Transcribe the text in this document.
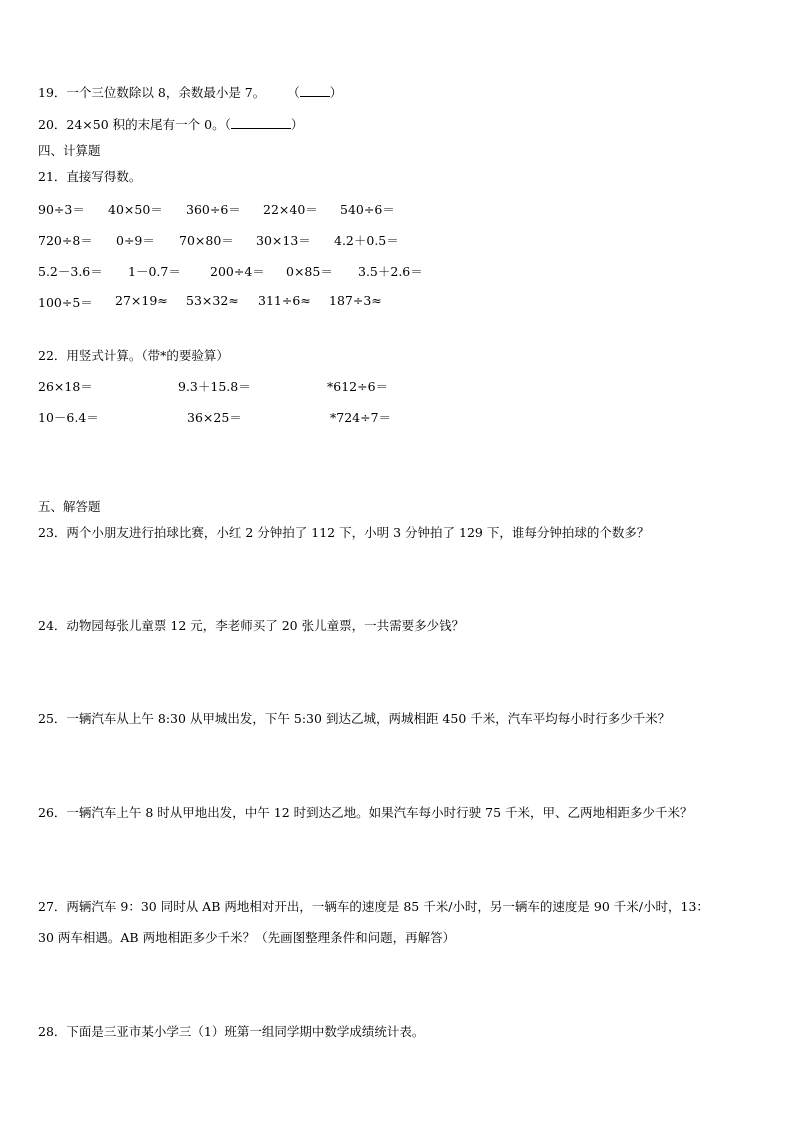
19．一个三位数除以 8，余数最小是 7。 （ ）
20．24×50 积的末尾有一个 0。（	）
四、计算题
21．直接写得数。
90÷3＝ 40×50＝ 360÷6＝ 22×40＝ 540÷6＝
720÷8＝ 0÷9＝ 70×80＝ 30×13＝ 4.2＋0.5＝
5.2－3.6＝ 1－0.7＝ 200÷4＝ 0×85＝ 3.5＋2.6＝
100÷5＝ 27×19≈ 53×32≈ 311÷6≈ 187÷3≈
22．用竖式计算。（带*的要验算）
26×18＝	9.3＋15.8＝	*612÷6＝
10－6.4＝	36×25＝	*724÷7＝
五、解答题
23．两个小朋友进行拍球比赛，小红 2 分钟拍了 112 下，小明 3 分钟拍了 129 下，谁每分钟拍球的个数多？
24．动物园每张儿童票 12 元，李老师买了 20 张儿童票，一共需要多少钱？
25．一辆汽车从上午 8:30 从甲城出发，下午 5:30 到达乙城，两城相距 450 千米，汽车平均每小时行多少千米？
26．一辆汽车上午 8 时从甲地出发，中午 12 时到达乙地。如果汽车每小时行驶 75 千米，甲、乙两地相距多少千米？
27．两辆汽车 9：30 同时从 AB 两地相对开出，一辆车的速度是 85 千米/小时，另一辆车的速度是 90 千米/小时，13：
30 两车相遇。AB 两地相距多少千米？（先画图整理条件和问题，再解答）
28．下面是三亚市某小学三（1）班第一组同学期中数学成绩统计表。
